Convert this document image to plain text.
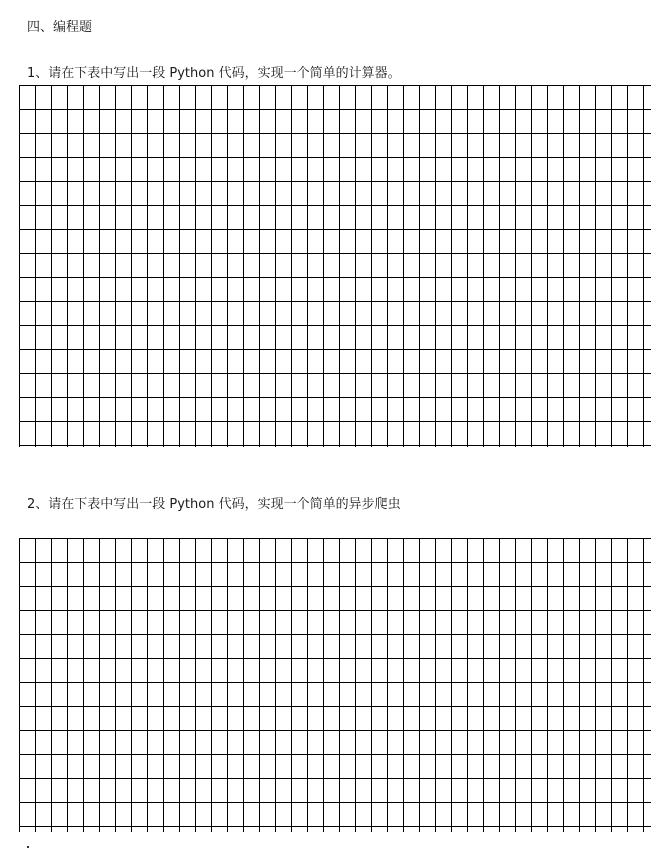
四、编程题
1、请在下表中写出一段 Python 代码，实现一个简单的计算器。
2、请在下表中写出一段 Python 代码，实现一个简单的异步爬虫
